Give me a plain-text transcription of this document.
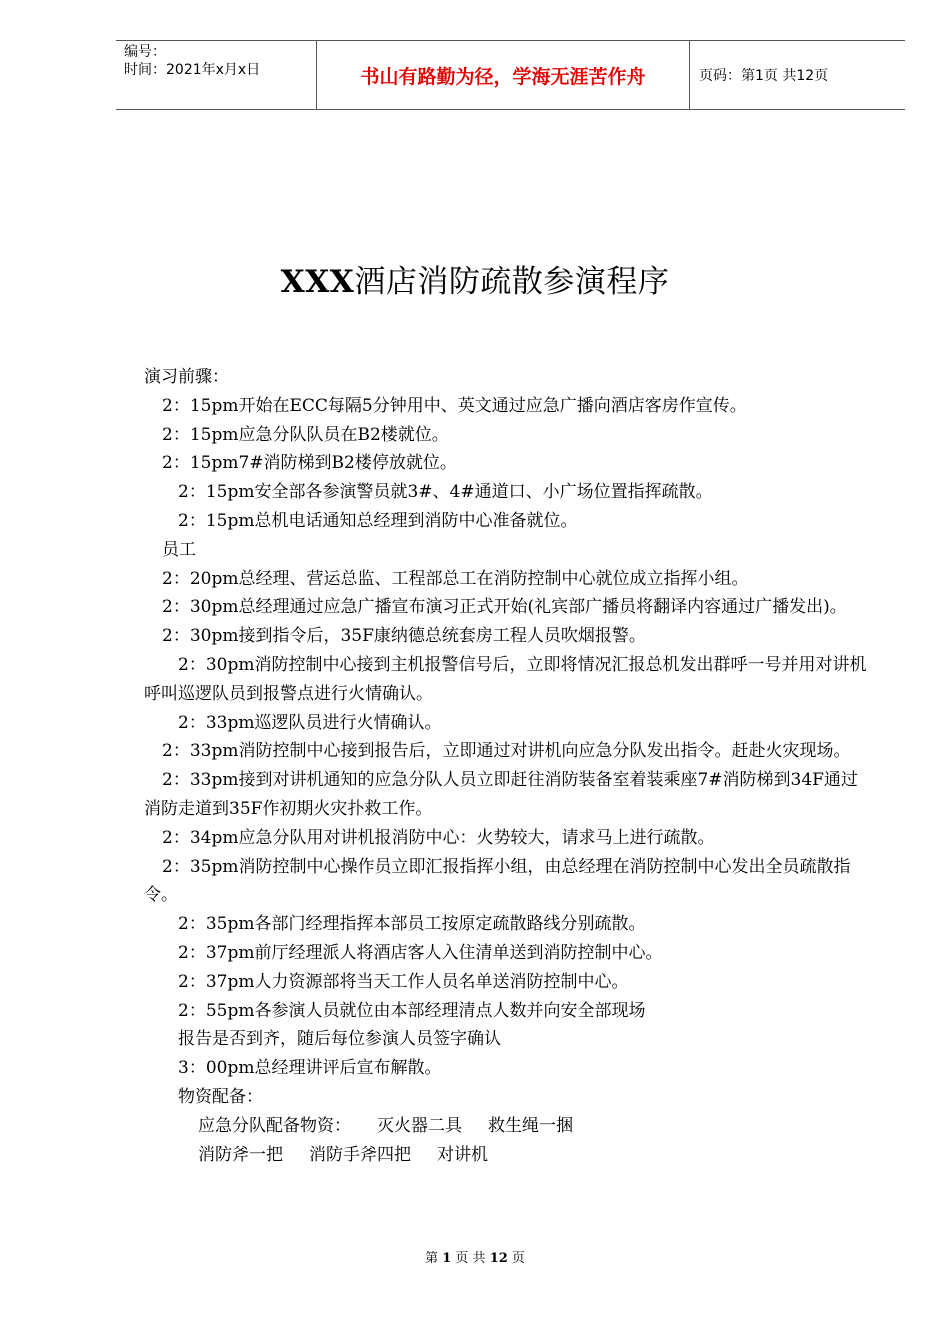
编号：
时间：2021年x月x日	书山有路勤为径，学海无涯苦作舟	页码：第1页 共12页
XXX酒店消防疏散参演程序

演习前骤：

2：15pm开始在ECC每隔5分钟用中、英文通过应急广播向酒店客房作宣传。

2：15pm应急分队队员在B2楼就位。

2：15pm7#消防梯到B2楼停放就位。

2：15pm安全部各参演警员就3#、4#通道口、小广场位置指挥疏散。

2：15pm总机电话通知总经理到消防中心准备就位。

员工

2：20pm总经理、营运总监、工程部总工在消防控制中心就位成立指挥小组。

2：30pm总经理通过应急广播宣布演习正式开始(礼宾部广播员将翻译内容通过广播发出)。

2：30pm接到指令后，35F康纳德总统套房工程人员吹烟报警。

2：30pm消防控制中心接到主机报警信号后，立即将情况汇报总机发出群呼一号并用对讲机呼叫巡逻队员到报警点进行火情确认。

2：33pm巡逻队员进行火情确认。

2：33pm消防控制中心接到报告后，立即通过对讲机向应急分队发出指令。赶赴火灾现场。

2：33pm接到对讲机通知的应急分队人员立即赶往消防装备室着装乘座7#消防梯到34F通过消防走道到35F作初期火灾扑救工作。

2：34pm应急分队用对讲机报消防中心：火势较大，请求马上进行疏散。

2：35pm消防控制中心操作员立即汇报指挥小组，由总经理在消防控制中心发出全员疏散指令。

2：35pm各部门经理指挥本部员工按原定疏散路线分别疏散。

2：37pm前厅经理派人将酒店客人入住清单送到消防控制中心。

2：37pm人力资源部将当天工作人员名单送消防控制中心。

2：55pm各参演人员就位由本部经理清点人数并向安全部现场

报告是否到齐，随后每位参演人员签字确认

3：00pm总经理讲评后宣布解散。

物资配备：

应急分队配备物资： 灭火器二具 救生绳一捆

消防斧一把 消防手斧四把 对讲机

第 1 页 共 12 页
